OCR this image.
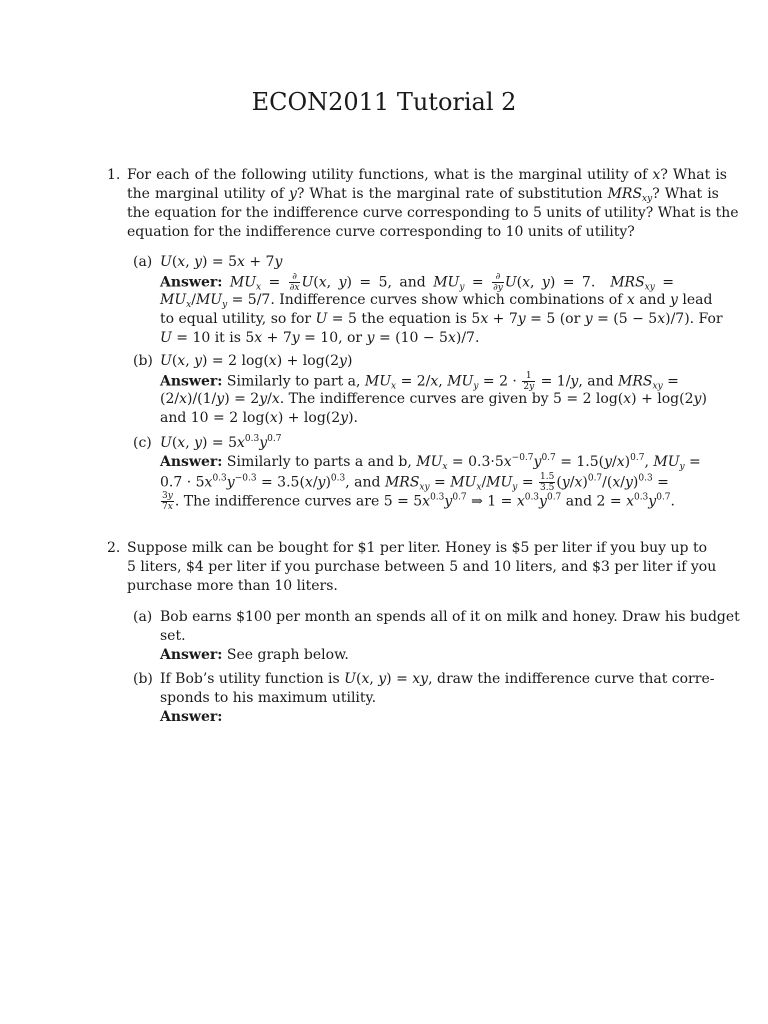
ECON2011 Tutorial 2
1. For each of the following utility functions, what is the marginal utility of x? What is
the marginal utility of y? What is the marginal rate of substitution $MRS_{xy}$? What is
the equation for the indifference curve corresponding to 5 units of utility? What is the
equation for the indifference curve corresponding to 10 units of utility?
(a) U(x, y) = 5x + 7y
Answer: $MU_x = \frac{\partial}{\partial x} U(x$, y) = 5, and $MU_y = \frac{\partial}{\partial y} U(x$, y) = 7.  $MRS_{xy}$ =
$MU_x/MU_y = 5/7$. Indifference curves show which combinations of x and y lead
to equal utility, so for U = 5 the equation is 5x + 7y = 5 (or y = (5 − 5x)/7). For
U = 10 it is 5x + 7y = 10, or y = (10 − 5x)/7.
(b) U(x, y) = 2 log(x) + log(2y)
Answer: Similarly to part a, $MU_x = 2/x$, $MU_y = 2 \cdot \frac{1}{2y} = 1/y$, and $MRS_{xy}$ =
(2/x)/(1/y) = 2y/x. The indifference curves are given by 5 = 2 log(x) + log(2y)
and 10 = 2 log(x) + log(2y).
(c) U(x, $y) = 5x^{0.3}y^{0.7}$
Answer: Similarly to parts a and b, $MU_x = 0.3\cdot 5x^{-0.7}y^{0.7} = 1.5(y/x)^{0.7}$, $MU_y$ =
$0.7 \cdot 5x^{0.3}y^{-0.3} = 3.5(x/y)^{0.3}$, and $MRS_{xy} = MU_x/MU_y = \frac{1.5}{3.5} (y/x)^{0.7}/(x/y)^{0.3}$ =
$\frac{3y}{7x}$ . The indifference curves are $5 = 5x^{0.3}y^{0.7}$ ⇒ $1 = x^{0.3}y^{0.7}$ and $2 = x^{0.3}y^{0.7}$.
2. Suppose milk can be bought for $1 per liter. Honey is $5 per liter if you buy up to
5 liters, $4 per liter if you purchase between 5 and 10 liters, and $3 per liter if you
purchase more than 10 liters.
(a) Bob earns $100 per month an spends all of it on milk and honey. Draw his budget
set.
Answer: See graph below.
(b) If Bob’s utility function is U(x, y) = xy, draw the indifference curve that corre-
sponds to his maximum utility.
Answer:
